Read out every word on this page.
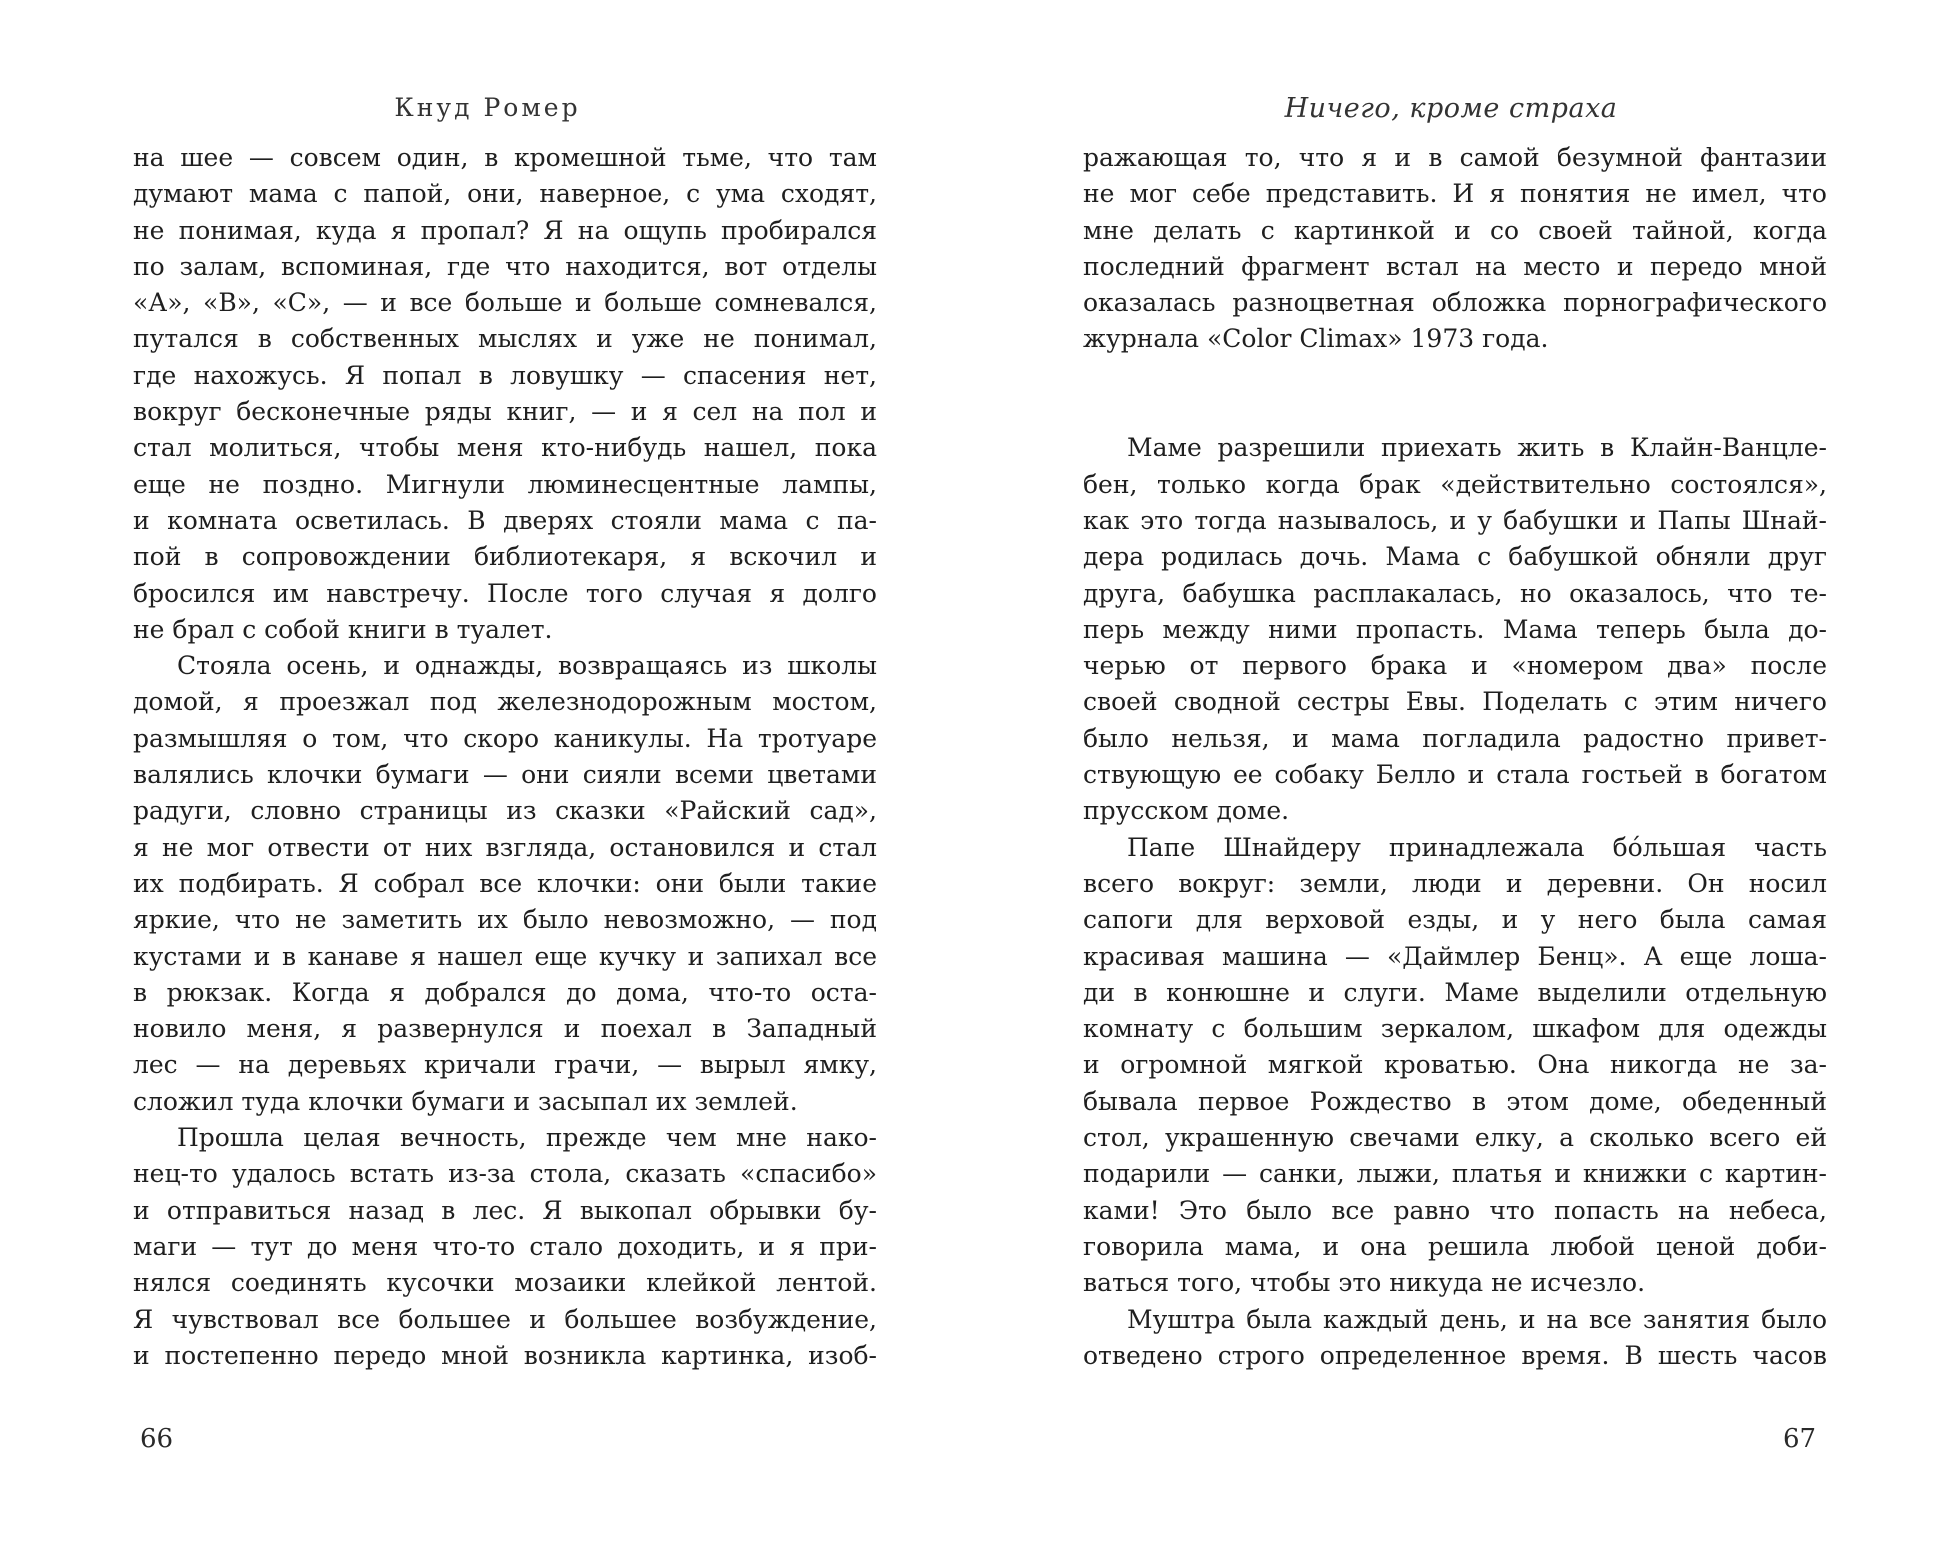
Кнуд Ромер
на шее — совсем один, в кромешной тьме, что там
думают мама с папой, они, наверное, с ума сходят,
не понимая, куда я пропал? Я на ощупь пробирался
по залам, вспоминая, где что находится, вот отделы
«А», «В», «С», — и все больше и больше сомневался,
путался в собственных мыслях и уже не понимал,
где нахожусь. Я попал в ловушку — спасения нет,
вокруг бесконечные ряды книг, — и я сел на пол и
стал молиться, чтобы меня кто-нибудь нашел, пока
еще не поздно. Мигнули люминесцентные лампы,
и комната осветилась. В дверях стояли мама с па-
пой в сопровождении библиотекаря, я вскочил и
бросился им навстречу. После того случая я долго
не брал с собой книги в туалет.
Стояла осень, и однажды, возвращаясь из школы
домой, я проезжал под железнодорожным мостом,
размышляя о том, что скоро каникулы. На тротуаре
валялись клочки бумаги — они сияли всеми цветами
радуги, словно страницы из сказки «Райский сад»,
я не мог отвести от них взгляда, остановился и стал
их подбирать. Я собрал все клочки: они были такие
яркие, что не заметить их было невозможно, — под
кустами и в канаве я нашел еще кучку и запихал все
в рюкзак. Когда я добрался до дома, что-то оста-
новило меня, я развернулся и поехал в Западный
лес — на деревьях кричали грачи, — вырыл ямку,
сложил туда клочки бумаги и засыпал их землей.
Прошла целая вечность, прежде чем мне нако-
нец-то удалось встать из-за стола, сказать «спасибо»
и отправиться назад в лес. Я выкопал обрывки бу-
маги — тут до меня что-то стало доходить, и я при-
нялся соединять кусочки мозаики клейкой лентой.
Я чувствовал все большее и большее возбуждение,
и постепенно передо мной возникла картинка, изоб-
66
Ничего, кроме страха
ражающая то, что я и в самой безумной фантазии
не мог себе представить. И я понятия не имел, что
мне делать с картинкой и со своей тайной, когда
последний фрагмент встал на место и передо мной
оказалась разноцветная обложка порнографического
журнала «Color Climax» 1973 года.
Маме разрешили приехать жить в Клайн-Ванцле-
бен, только когда брак «действительно состоялся»,
как это тогда называлось, и у бабушки и Папы Шнай-
дера родилась дочь. Мама с бабушкой обняли друг
друга, бабушка расплакалась, но оказалось, что те-
перь между ними пропасть. Мама теперь была до-
черью от первого брака и «номером два» после
своей сводной сестры Евы. Поделать с этим ничего
было нельзя, и мама погладила радостно привет-
ствующую ее собаку Белло и стала гостьей в богатом
прусском доме.
Папе Шнайдеру принадлежала бóльшая часть
всего вокруг: земли, люди и деревни. Он носил
сапоги для верховой езды, и у него была самая
красивая машина — «Даймлер Бенц». А еще лоша-
ди в конюшне и слуги. Маме выделили отдельную
комнату с большим зеркалом, шкафом для одежды
и огромной мягкой кроватью. Она никогда не за-
бывала первое Рождество в этом доме, обеденный
стол, украшенную свечами елку, а сколько всего ей
подарили — санки, лыжи, платья и книжки с картин-
ками! Это было все равно что попасть на небеса,
говорила мама, и она решила любой ценой доби-
ваться того, чтобы это никуда не исчезло.
Муштра была каждый день, и на все занятия было
отведено строго определенное время. В шесть часов
67
